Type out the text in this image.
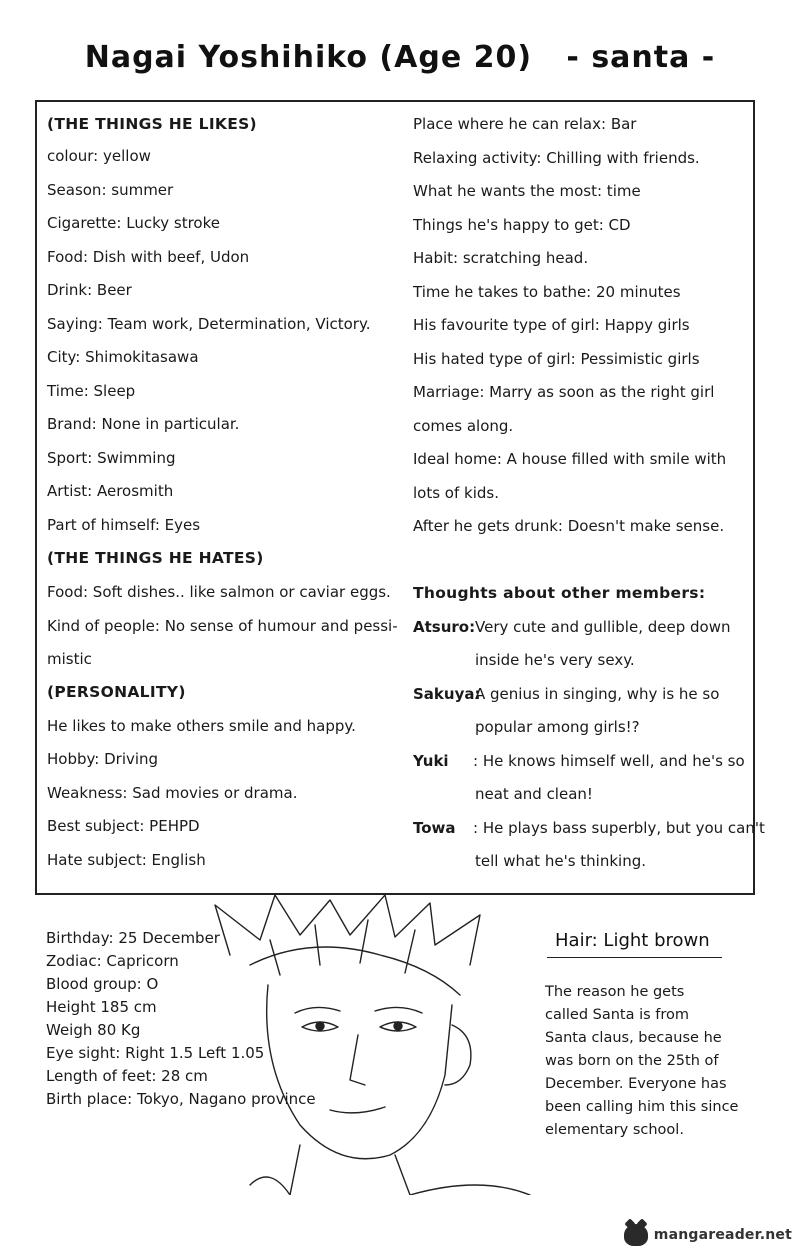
Nagai Yoshihiko (Age 20)   - santa -
(THE THINGS HE LIKES)
colour: yellow
Season: summer
Cigarette: Lucky stroke
Food: Dish with beef, Udon
Drink: Beer
Saying: Team work, Determination, Victory.
City: Shimokitasawa
Time: Sleep
Brand: None in particular.
Sport: Swimming
Artist: Aerosmith
Part of himself: Eyes
(THE THINGS HE HATES)
Food: Soft dishes.. like salmon or caviar eggs.
Kind of people: No sense of humour and pessi-
mistic
(PERSONALITY)
He likes to make others smile and happy.
Hobby: Driving
Weakness: Sad movies or drama.
Best subject: PEHPD
Hate subject: English
Place where he can relax: Bar
Relaxing activity: Chilling with friends.
What he wants the most: time
Things he's happy to get: CD
Habit: scratching head.
Time he takes to bathe: 20 minutes
His favourite type of girl: Happy girls
His hated type of girl: Pessimistic girls
Marriage: Marry as soon as the right girl
comes along.
Ideal home: A house filled with smile with
lots of kids.
After he gets drunk: Doesn't make sense.
Thoughts about other members:
Atsuro: Very cute and gullible, deep down
inside he's very sexy.
Sakuya:
A genius in singing, why is he so
popular among girls!?
Yuki : He knows himself well, and he's so
neat and clean!
Towa : He plays bass superbly, but you can't
tell what he's thinking.
Birthday: 25 December
Zodiac: Capricorn
Blood group: O
Height 185 cm
Weigh 80 Kg
Eye sight: Right 1.5 Left 1.05
Length of feet: 28 cm
Birth place: Tokyo, Nagano province
Hair: Light brown
The reason he gets
called Santa is from
Santa claus, because he
was born on the 25th of
December. Everyone has
been calling him this since
elementary school.
mangareader.net
